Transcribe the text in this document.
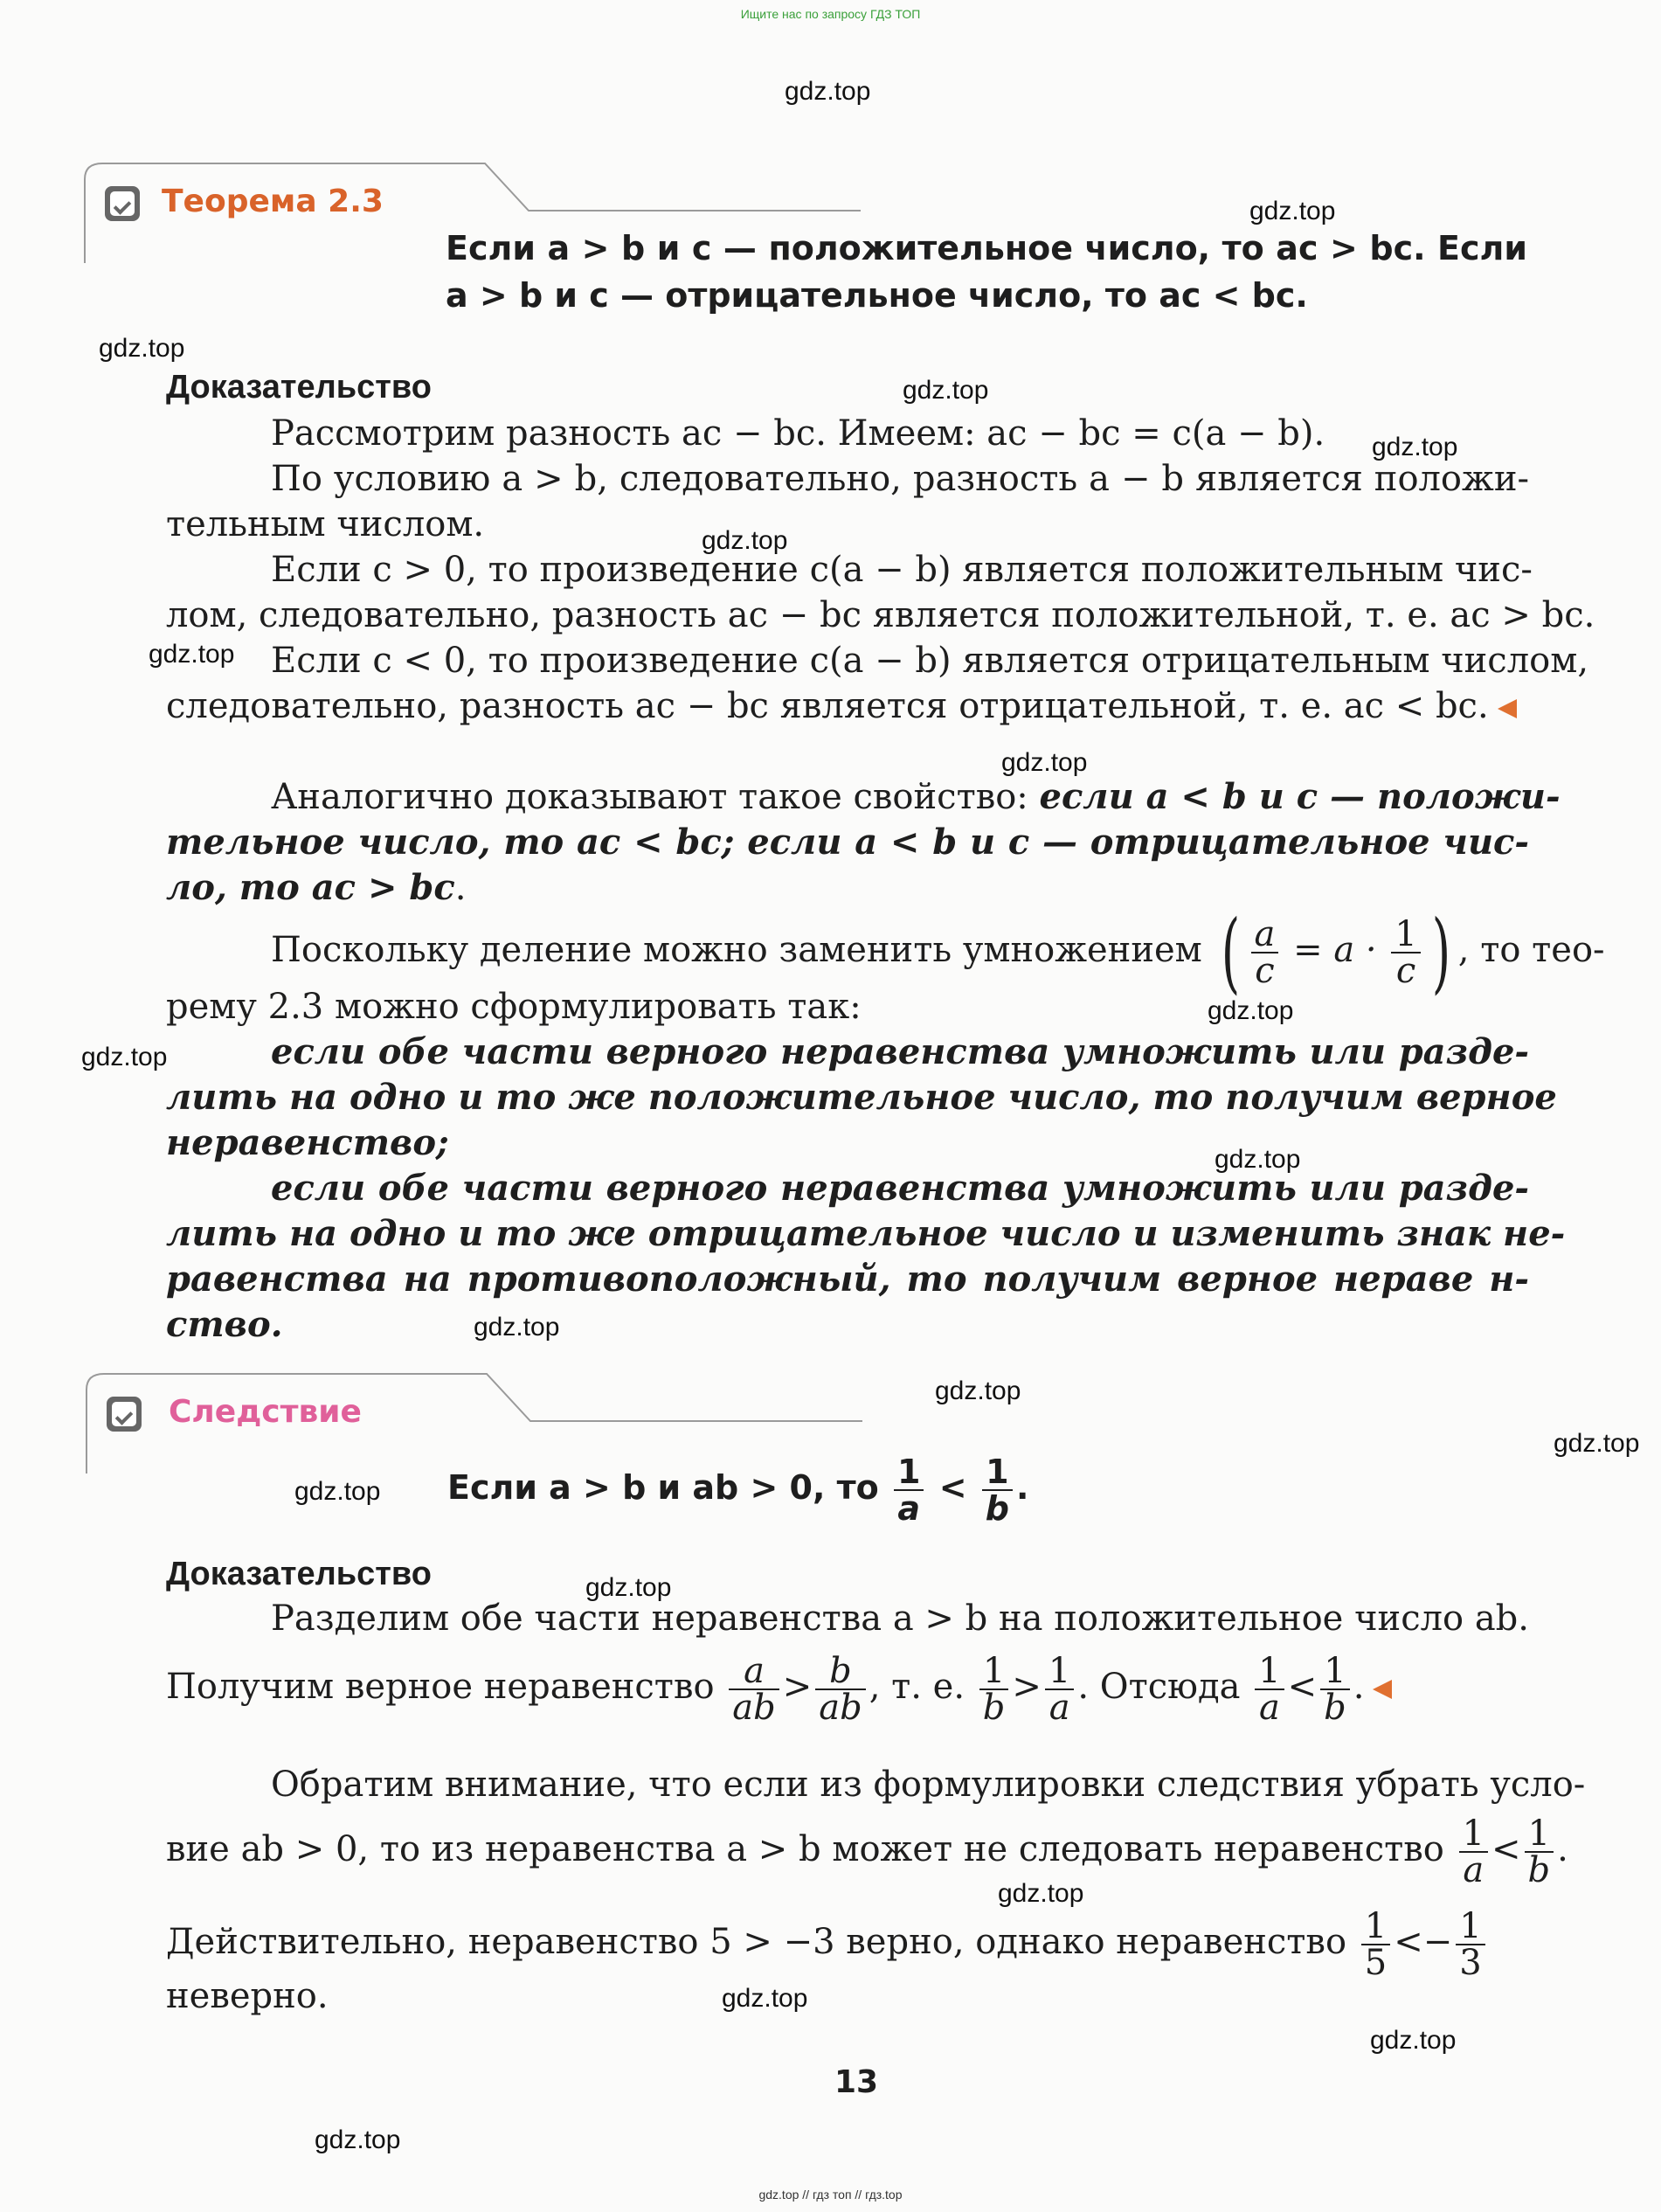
Ищите нас по запросу ГДЗ ТОП
Теорема 2.3
Если a > b и c — положительное число, то ac > bc. Если
a > b и c — отрицательное число, то ac < bc.
Доказательство
Рассмотрим разность ac − bc. Имеем: ac − bc = c(a − b).
По условию a > b, следовательно, разность a − b является положи-
тельным числом.
Если c > 0, то произведение c(a − b) является положительным чис-
лом, следовательно, разность ac − bc является положительной, т. е. ac > bc.
Если c < 0, то произведение c(a − b) является отрицательным числом,
следовательно, разность ac − bc является отрицательной, т. е. ac < bc.
Аналогично доказывают такое свойство: если a < b и c — положи-
тельное число, то ac < bc; если a < b и c — отрицательное чис-
ло, то ac > bc.
Поскольку деление можно заменить умножением ( $\frac{a}{c} = a \cdot \frac{1}{c}$ ) , то тео-
рему 2.3 можно сформулировать так:
если обе части верного неравенства умножить или разде-
лить на одно и то же положительное число, то получим верное
неравенство;
если обе части верного неравенства умножить или разде-
лить на одно и то же отрицательное число и изменить знак не-
равенства на противоположный, то получим верное нераве н-
ство.
Следствие
Если a > b и ab > 0, то $\frac{1}{a} < \frac{1}{b}$ .
Доказательство
Разделим обе части неравенства a > b на положительное число ab.
Получим верное неравенство $\frac{a}{ab} > \frac{b}{ab}$ , т. е. $\frac{1}{b} > \frac{1}{a}$ . Отсюда $\frac{1}{a} < \frac{1}{b}$ .
Обратим внимание, что если из формулировки следствия убрать усло-
вие ab > 0, то из неравенства a > b может не следовать неравенство $\frac{1}{a} < \frac{1}{b}$ .
Действительно, неравенство 5 > −3 верно, однако неравенство $\frac{1}{5} <- \frac{1}{3}$
неверно.
13
gdz.top
gdz.top
gdz.top
gdz.top
gdz.top
gdz.top
gdz.top
gdz.top
gdz.top
gdz.top
gdz.top
gdz.top
gdz.top
gdz.top
gdz.top
gdz.top
gdz.top
gdz.top
gdz.top
gdz.top
gdz.top // гдз топ // гдз.top
